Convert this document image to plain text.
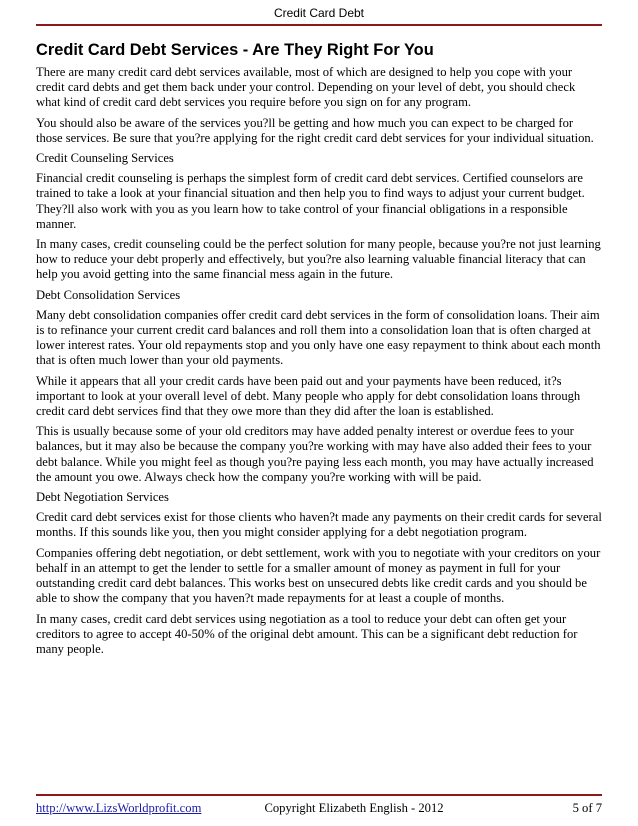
Credit Card Debt
Credit Card Debt Services - Are They Right For You

There are many credit card debt services available, most of which are designed to help you cope with your credit card debts and get them back under your control. Depending on your level of debt, you should check what kind of credit card debt services you require before you sign on for any program.

You should also be aware of the services you?ll be getting and how much you can expect to be charged for those services. Be sure that you?re applying for the right credit card debt services for your individual situation.

Credit Counseling Services

Financial credit counseling is perhaps the simplest form of credit card debt services. Certified counselors are trained to take a look at your financial situation and then help you to find ways to adjust your current budget. They?ll also work with you as you learn how to take control of your financial obligations in a responsible manner.

In many cases, credit counseling could be the perfect solution for many people, because you?re not just learning how to reduce your debt properly and effectively, but you?re also learning valuable financial literacy that can help you avoid getting into the same financial mess again in the future.

Debt Consolidation Services

Many debt consolidation companies offer credit card debt services in the form of consolidation loans. Their aim is to refinance your current credit card balances and roll them into a consolidation loan that is often charged at lower interest rates. Your old repayments stop and you only have one easy repayment to think about each month that is often much lower than your old payments.

While it appears that all your credit cards have been paid out and your payments have been reduced, it?s important to look at your overall level of debt. Many people who apply for debt consolidation loans through credit card debt services find that they owe more than they did after the loan is established.

This is usually because some of your old creditors may have added penalty interest or overdue fees to your balances, but it may also be because the company you?re working with may have also added their fees to your debt balance. While you might feel as though you?re paying less each month, you may have actually increased the amount you owe. Always check how the company you?re working with will be paid.

Debt Negotiation Services

Credit card debt services exist for those clients who haven?t made any payments on their credit cards for several months. If this sounds like you, then you might consider applying for a debt negotiation program.

Companies offering debt negotiation, or debt settlement, work with you to negotiate with your creditors on your behalf in an attempt to get the lender to settle for a smaller amount of money as payment in full for your outstanding credit card debt balances. This works best on unsecured debts like credit cards and you should be able to show the company that you haven?t made repayments for at least a couple of months.

In many cases, credit card debt services using negotiation as a tool to reduce your debt can often get your creditors to agree to accept 40-50% of the original debt amount. This can be a significant debt reduction for many people.

Copyright Elizabeth English - 2012
http://www.LizsWorldprofit.com	5 of 7
